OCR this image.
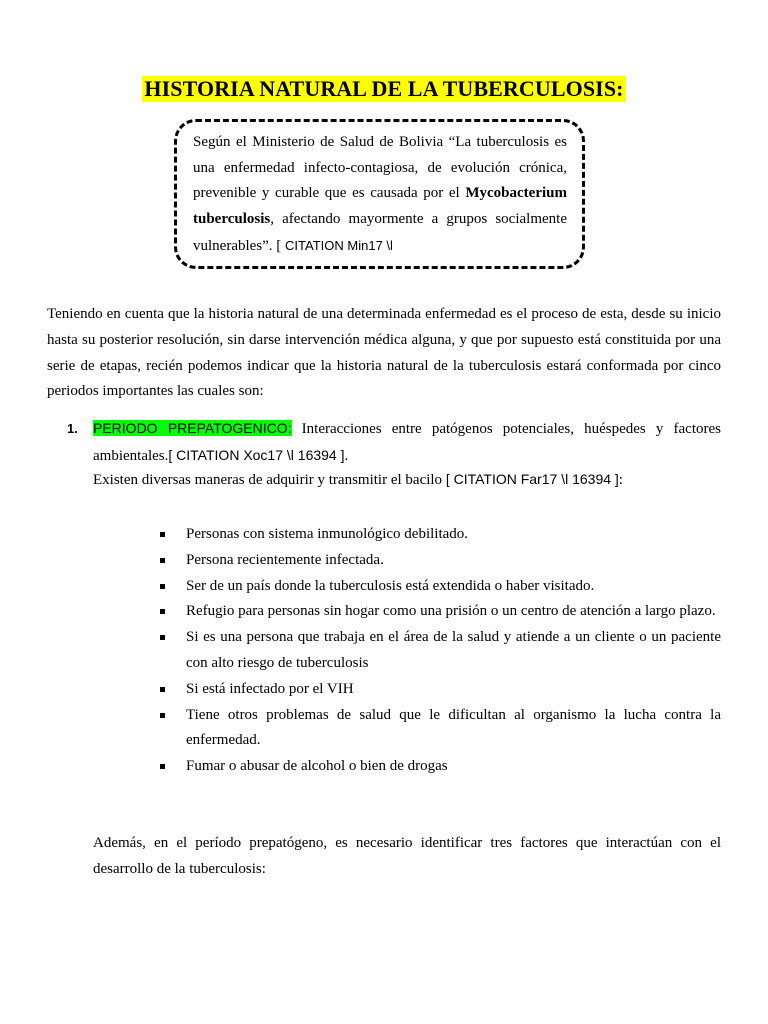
HISTORIA NATURAL DE LA TUBERCULOSIS:
Según el Ministerio de Salud de Bolivia “La tuberculosis es una enfermedad infecto-contagiosa, de evolución crónica, prevenible y curable que es causada por el Mycobacterium tuberculosis, afectando mayormente a grupos socialmente vulnerables”. [ CITATION Min17 \l
Teniendo en cuenta que la historia natural de una determinada enfermedad es el proceso de esta, desde su inicio hasta su posterior resolución, sin darse intervención médica alguna, y que por supuesto está constituida por una serie de etapas, recién podemos indicar que la historia natural de la tuberculosis estará conformada por cinco periodos importantes las cuales son:
1.	PERIODO PREPATOGENICO: Interacciones entre patógenos potenciales, huéspedes y factores ambientales.[ CITATION Xoc17 \l 16394 ].
Existen diversas maneras de adquirir y transmitir el bacilo [ CITATION Far17 \l 16394 ]:
Personas con sistema inmunológico debilitado.
Persona recientemente infectada.
Ser de un país donde la tuberculosis está extendida o haber visitado.
Refugio para personas sin hogar como una prisión o un centro de atención a largo plazo.
Si es una persona que trabaja en el área de la salud y atiende a un cliente o un paciente con alto riesgo de tuberculosis
Si está infectado por el VIH
Tiene otros problemas de salud que le dificultan al organismo la lucha contra la enfermedad.
Fumar o abusar de alcohol o bien de drogas
Además, en el período prepatógeno, es necesario identificar tres factores que interactúan con el desarrollo de la tuberculosis:
